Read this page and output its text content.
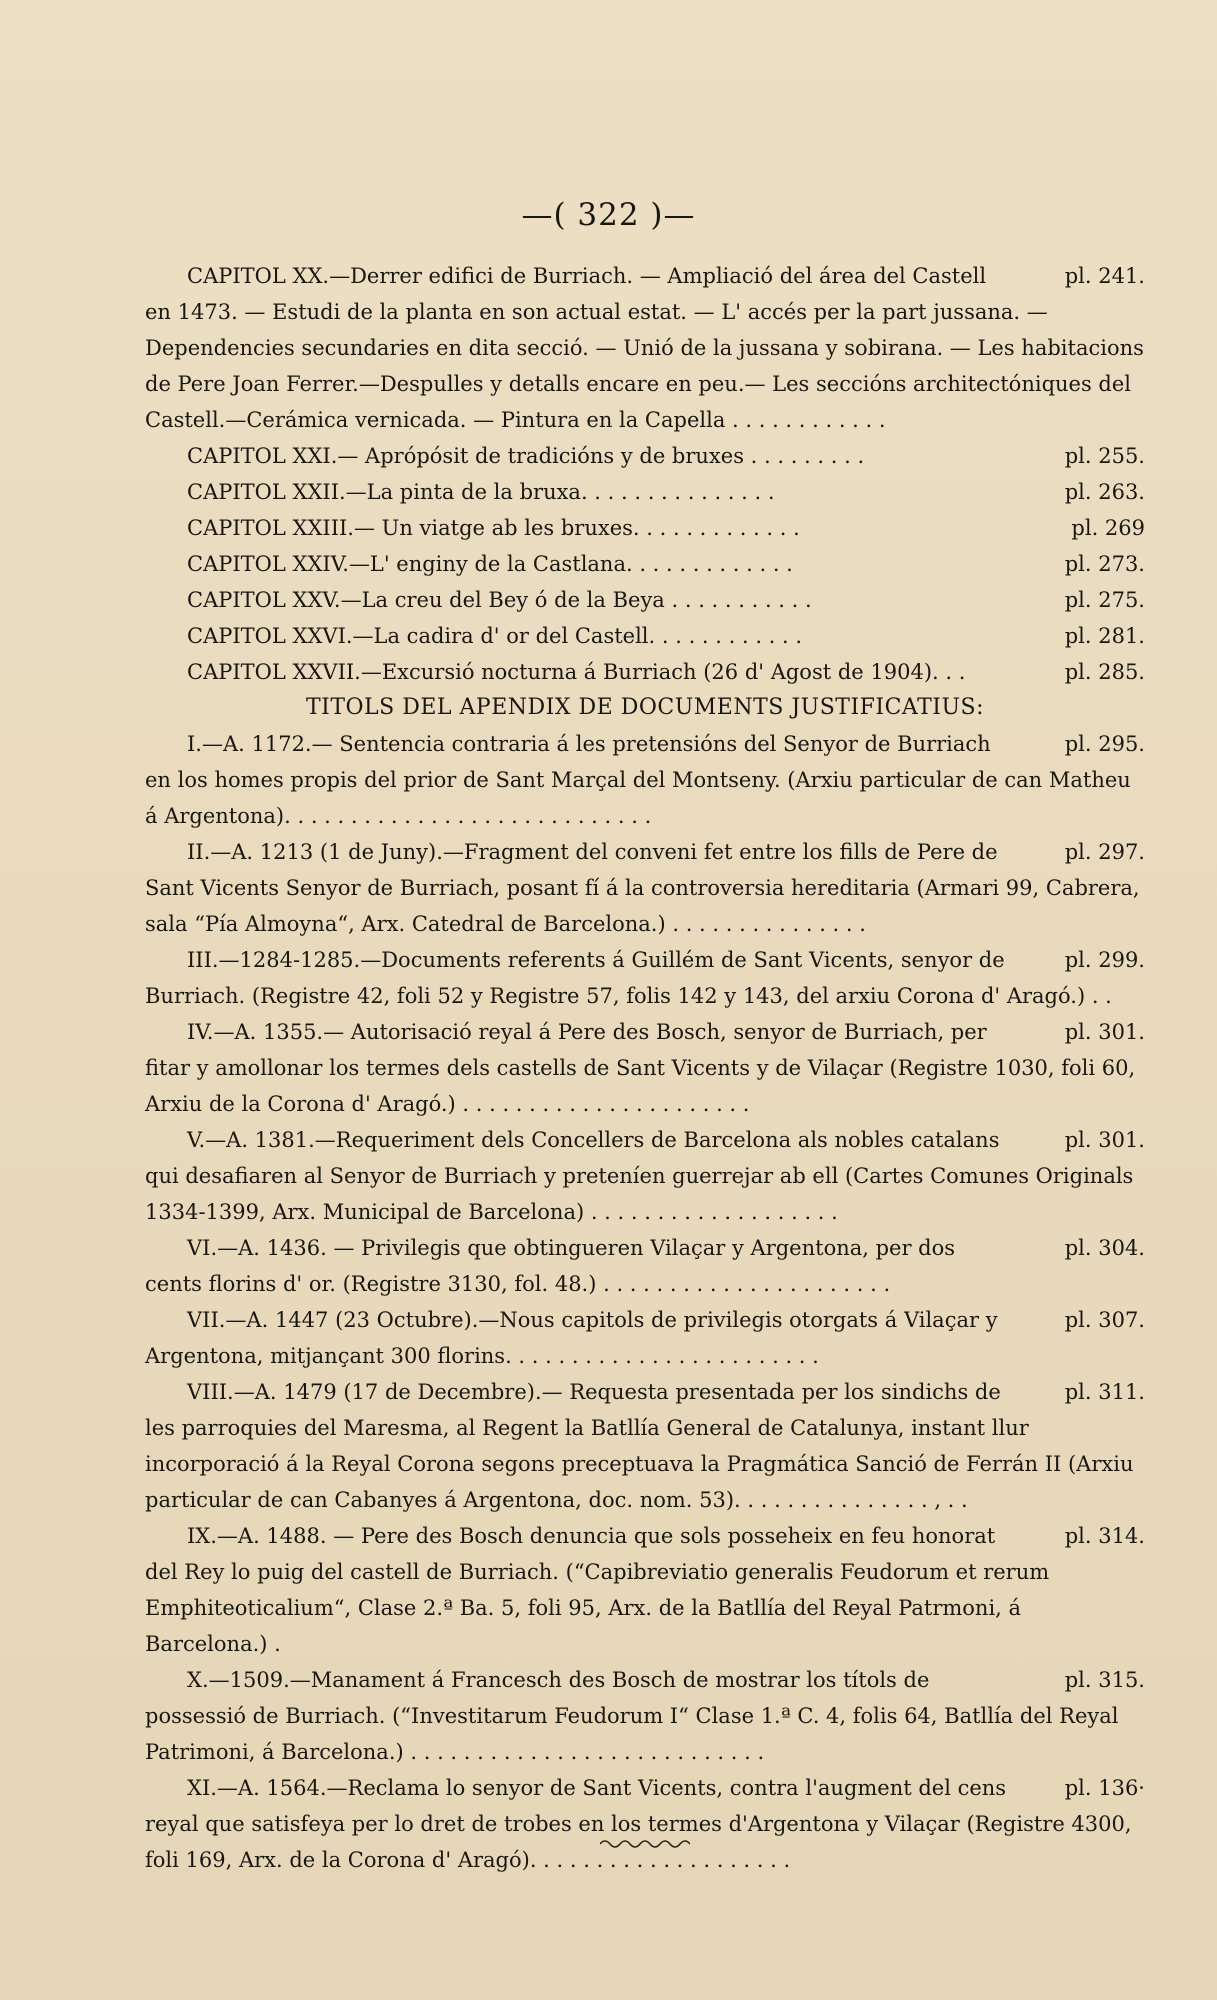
—( 322 )—
pl. 241.
CAPITOL XX.—Derrer edifici de Burriach. — Ampliació del área del Castell en 1473. — Estudi de la planta en son actual estat. — L' accés per la part jussana. — Dependencies secundaries en dita secció. — Unió de la jussana y sobirana. — Les habitacions de Pere Joan Ferrer.—Despulles y detalls encare en peu.— Les seccións architectóniques del Castell.—Cerámica vernicada. — Pintura en la Capella . . . . . . . . . . . .
pl. 255.
CAPITOL XXI.— Aprópósit de tradicións y de bruxes . . . . . . . . .
pl. 263.
CAPITOL XXII.—La pinta de la bruxa. . . . . . . . . . . . . . .
pl. 269
CAPITOL XXIII.— Un viatge ab les bruxes. . . . . . . . . . . . .
pl. 273.
CAPITOL XXIV.—L' enginy de la Castlana. . . . . . . . . . . . .
pl. 275.
CAPITOL XXV.—La creu del Bey ó de la Beya . . . . . . . . . . .
pl. 281.
CAPITOL XXVI.—La cadira d' or del Castell. . . . . . . . . . . .
pl. 285.
CAPITOL XXVII.—Excursió nocturna á Burriach (26 d' Agost de 1904). . .
TITOLS DEL APENDIX DE DOCUMENTS JUSTIFICATIUS:
pl. 295.
I.—A. 1172.— Sentencia contraria á les pretensións del Senyor de Burriach en los homes propis del prior de Sant Marçal del Montseny. (Arxiu particular de can Matheu á Argentona). . . . . . . . . . . . . . . . . . . . . . . . . . . .
pl. 297.
II.—A. 1213 (1 de Juny).—Fragment del conveni fet entre los fills de Pere de Sant Vicents Senyor de Burriach, posant fí á la controversia hereditaria (Armari 99, Cabrera, sala “Pía Almoyna“, Arx. Catedral de Barcelona.) . . . . . . . . . . . . . . .
pl. 299.
III.—1284-1285.—Documents referents á Guillém de Sant Vicents, senyor de Burriach. (Registre 42, foli 52 y Registre 57, folis 142 y 143, del arxiu Corona d' Aragó.) . .
pl. 301.
IV.—A. 1355.— Autorisació reyal á Pere des Bosch, senyor de Burriach, per fitar y amollonar los termes dels castells de Sant Vicents y de Vilaçar (Registre 1030, foli 60, Arxiu de la Corona d' Aragó.) . . . . . . . . . . . . . . . . . . . . . .
pl. 301.
V.—A. 1381.—Requeriment dels Concellers de Barcelona als nobles catalans qui desafiaren al Senyor de Burriach y preteníen guerrejar ab ell (Cartes Comunes Originals 1334-1399, Arx. Municipal de Barcelona) . . . . . . . . . . . . . . . . . . .
pl. 304.
VI.—A. 1436. — Privilegis que obtingueren Vilaçar y Argentona, per dos cents florins d' or. (Registre 3130, fol. 48.) . . . . . . . . . . . . . . . . . . . . . .
pl. 307.
VII.—A. 1447 (23 Octubre).—Nous capitols de privilegis otorgats á Vilaçar y Argentona, mitjançant 300 florins. . . . . . . . . . . . . . . . . . . . . . . .
pl. 311.
VIII.—A. 1479 (17 de Decembre).— Requesta presentada per los sindichs de les parroquies del Maresma, al Regent la Batllía General de Catalunya, instant llur incorporació á la Reyal Corona segons preceptuava la Pragmática Sanció de Ferrán II (Arxiu particular de can Cabanyes á Argentona, doc. nom. 53). . . . . . . . . . . . . . . , . .
pl. 314.
IX.—A. 1488. — Pere des Bosch denuncia que sols posseheix en feu honorat del Rey lo puig del castell de Burriach. (“Capibreviatio generalis Feudorum et rerum Emphiteoticalium“, Clase 2.ª Ba. 5, foli 95, Arx. de la Batllía del Reyal Patrmoni, á Barcelona.) .
pl. 315.
X.—1509.—Manament á Francesch des Bosch de mostrar los títols de possessió de Burriach. (“Investitarum Feudorum I“ Clase 1.ª C. 4, folis 64, Batllía del Reyal Patrimoni, á Barcelona.) . . . . . . . . . . . . . . . . . . . . . . . . . . .
pl. 136·
XI.—A. 1564.—Reclama lo senyor de Sant Vicents, contra l'augment del cens reyal que satisfeya per lo dret de trobes en los termes d'Argentona y Vilaçar (Registre 4300, foli 169, Arx. de la Corona d' Aragó). . . . . . . . . . . . . . . . . . . .
